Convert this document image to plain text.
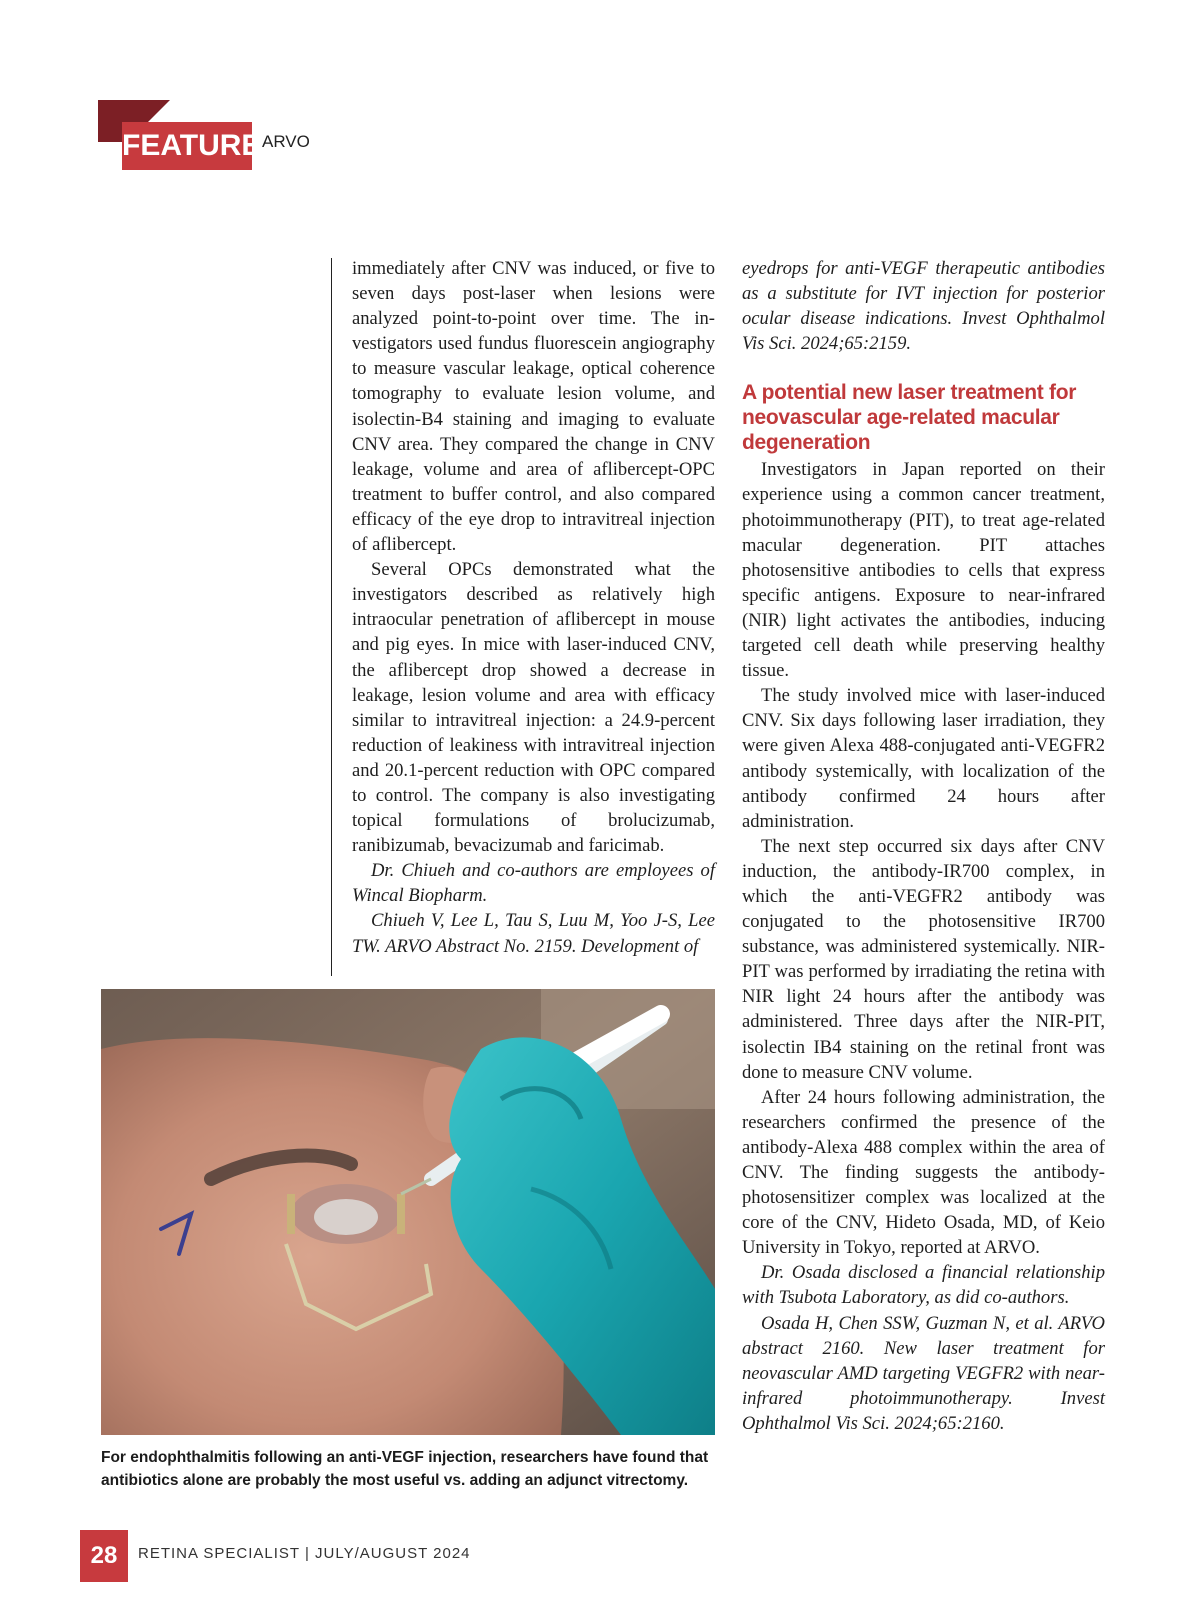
FEATURE ARVO

immediately after CNV was induced, or five to seven days post-laser when lesions were analyzed point-to-point over time. The investigators used fundus fluorescein angiography to measure vascular leakage, optical coherence tomography to evaluate lesion volume, and isolectin-B4 staining and imaging to evaluate CNV area. They compared the change in CNV leakage, volume and area of aflibercept-OPC treatment to buffer control, and also compared efficacy of the eye drop to intravitreal injection of aflibercept.

Several OPCs demonstrated what the investigators described as relatively high intraocular penetration of aflibercept in mouse and pig eyes. In mice with laser-induced CNV, the aflibercept drop showed a decrease in leakage, lesion volume and area with efficacy similar to intravitreal injection: a 24.9-percent reduction of leakiness with intravitreal injection and 20.1-percent reduction with OPC compared to control. The company is also investigating topical formulations of brolucizumab, ranibizumab, bevacizumab and faricimab.

Dr. Chiueh and co-authors are employees of Wincal Biopharm.

Chiueh V, Lee L, Tau S, Luu M, Yoo J-S, Lee TW. ARVO Abstract No. 2159. Development of

eyedrops for anti-VEGF therapeutic antibodies as a substitute for IVT injection for posterior ocular disease indications. Invest Ophthalmol Vis Sci. 2024;65:2159.

A potential new laser treatment for neovascular age-related macular degeneration

Investigators in Japan reported on their experience using a common cancer treatment, photoimmunotherapy (PIT), to treat age-related macular degeneration. PIT attaches photosensitive antibodies to cells that express specific antigens. Exposure to near-infrared (NIR) light activates the antibodies, inducing targeted cell death while preserving healthy tissue.

The study involved mice with laser-induced CNV. Six days following laser irradiation, they were given Alexa 488-conjugated anti-VEGFR2 antibody systemically, with localization of the antibody confirmed 24 hours after administration.

The next step occurred six days after CNV induction, the antibody-IR700 complex, in which the anti-VEGFR2 antibody was conjugated to the photosensitive IR700 substance, was administered systemically. NIR-PIT was performed by irradiating the retina with NIR light 24 hours after the antibody was administered. Three days after the NIR-PIT, isolectin IB4 staining on the retinal front was done to measure CNV volume.

After 24 hours following administration, the researchers confirmed the presence of the antibody-Alexa 488 complex within the area of CNV. The finding suggests the antibody-photosensitizer complex was localized at the core of the CNV, Hideto Osada, MD, of Keio University in Tokyo, reported at ARVO.

Dr. Osada disclosed a financial relationship with Tsubota Laboratory, as did co-authors.

Osada H, Chen SSW, Guzman N, et al. ARVO abstract 2160. New laser treatment for neovascular AMD targeting VEGFR2 with near-infrared photoimmunotherapy. Invest Ophthalmol Vis Sci. 2024;65:2160.

For endophthalmitis following an anti-VEGF injection, researchers have found that antibiotics alone are probably the most useful vs. adding an adjunct vitrectomy.
28	RETINA SPECIALIST | JULY/AUGUST 2024
